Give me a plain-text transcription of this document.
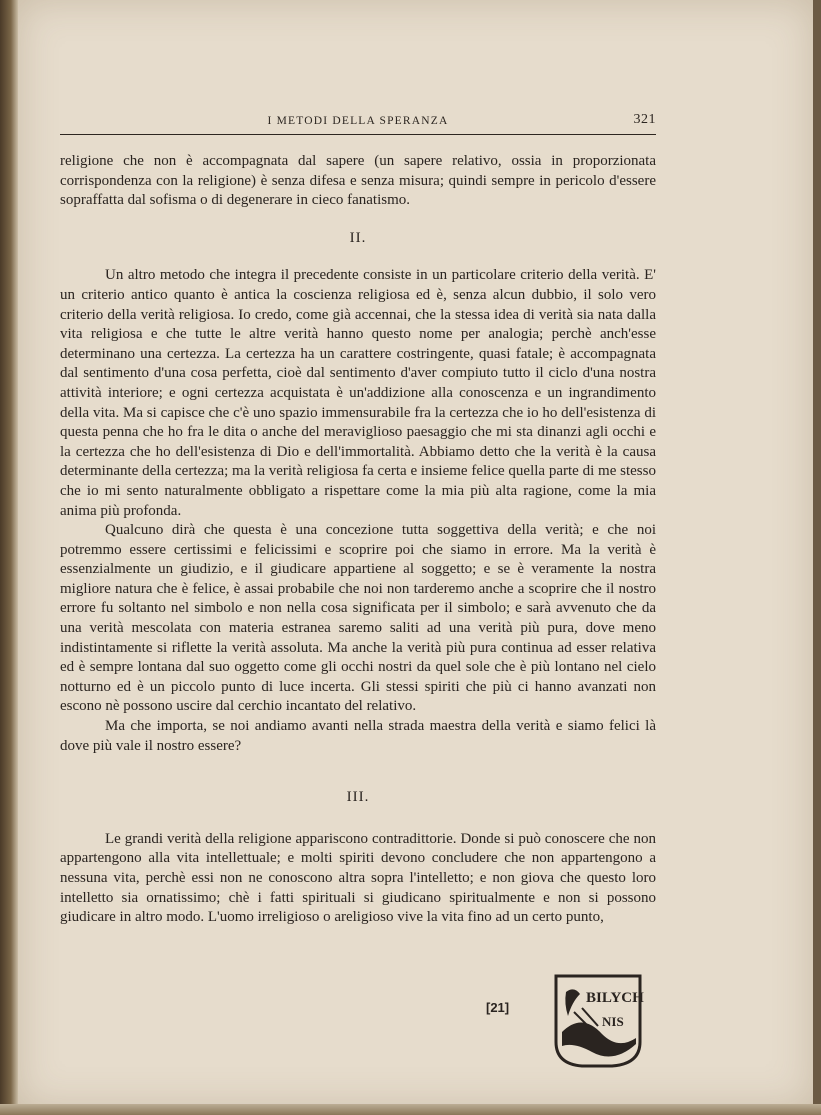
I METODI DELLA SPERANZA	321

religione che non è accompagnata dal sapere (un sapere relativo, ossia in proporzionata corrispondenza con la religione) è senza difesa e senza misura; quindi sempre in pericolo d'essere sopraffatta dal sofisma o di degenerare in cieco fanatismo.

II.

Un altro metodo che integra il precedente consiste in un particolare criterio della verità. E' un criterio antico quanto è antica la coscienza religiosa ed è, senza alcun dubbio, il solo vero criterio della verità religiosa. Io credo, come già accennai, che la stessa idea di verità sia nata dalla vita religiosa e che tutte le altre verità hanno questo nome per analogia; perchè anch'esse determinano una certezza. La certezza ha un carattere costringente, quasi fatale; è accompagnata dal sentimento d'una cosa perfetta, cioè dal sentimento d'aver compiuto tutto il ciclo d'una nostra attività interiore; e ogni certezza acquistata è un'addizione alla conoscenza e un ingrandimento della vita. Ma si capisce che c'è uno spazio immensurabile fra la certezza che io ho dell'esistenza di questa penna che ho fra le dita o anche del meraviglioso paesaggio che mi sta dinanzi agli occhi e la certezza che ho dell'esistenza di Dio e dell'immortalità. Abbiamo detto che la verità è la causa determinante della certezza; ma la verità religiosa fa certa e insieme felice quella parte di me stesso che io mi sento naturalmente obbligato a rispettare come la mia più alta ragione, come la mia anima più profonda.

Qualcuno dirà che questa è una concezione tutta soggettiva della verità; e che noi potremmo essere certissimi e felicissimi e scoprire poi che siamo in errore. Ma la verità è essenzialmente un giudizio, e il giudicare appartiene al soggetto; e se è veramente la nostra migliore natura che è felice, è assai probabile che noi non tarderemo anche a scoprire che il nostro errore fu soltanto nel simbolo e non nella cosa significata per il simbolo; e sarà avvenuto che da una verità mescolata con materia estranea saremo saliti ad una verità più pura, dove meno indistintamente si riflette la verità assoluta. Ma anche la verità più pura continua ad esser relativa ed è sempre lontana dal suo oggetto come gli occhi nostri da quel sole che è più lontano nel cielo notturno ed è un piccolo punto di luce incerta. Gli stessi spiriti che più ci hanno avanzati non escono nè possono uscire dal cerchio incantato del relativo.

Ma che importa, se noi andiamo avanti nella strada maestra della verità e siamo felici là dove più vale il nostro essere?

III.

Le grandi verità della religione appariscono contradittorie. Donde si può conoscere che non appartengono alla vita intellettuale; e molti spiriti devono concludere che non appartengono a nessuna vita, perchè essi non ne conoscono altra sopra l'intelletto; e non giova che questo loro intelletto sia ornatissimo; chè i fatti spirituali si giudicano spiritualmente e non si possono giudicare in altro modo. L'uomo irreligioso o areligioso vive la vita fino ad un certo punto,

[21]
BILYCH
NIS
